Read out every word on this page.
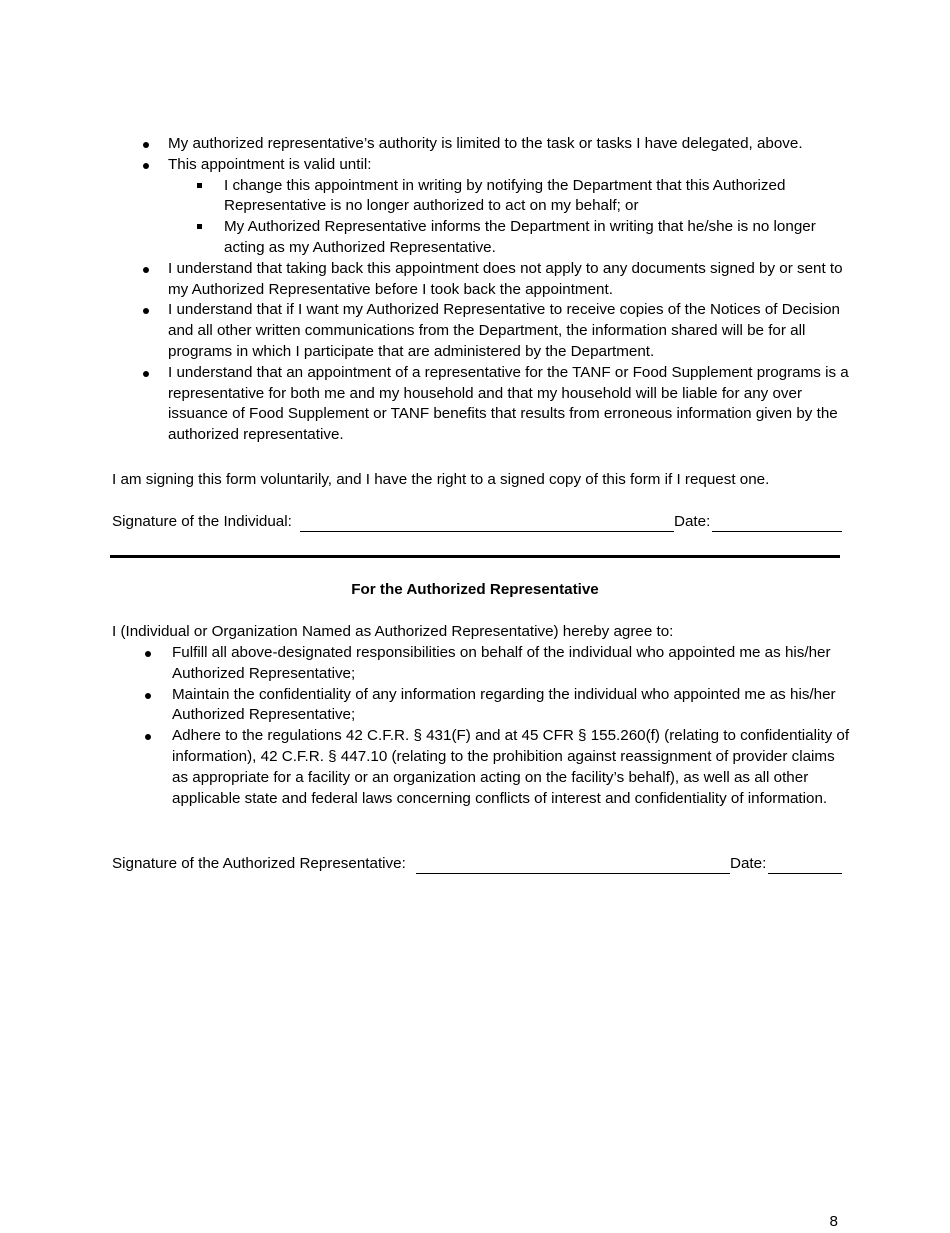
My authorized representative’s authority is limited to the task or tasks I have delegated, above.
This appointment is valid until:
I change this appointment in writing by notifying the Department that this Authorized Representative is no longer authorized to act on my behalf; or
My Authorized Representative informs the Department in writing that he/she is no longer acting as my Authorized Representative.
I understand that taking back this appointment does not apply to any documents signed by or sent to my Authorized Representative before I took back the appointment.
I understand that if I want my Authorized Representative to receive copies of the Notices of Decision and all other written communications from the Department, the information shared will be for all programs in which I participate that are administered by the Department.
I understand that an appointment of a representative for the TANF or Food Supplement programs is a representative for both me and my household and that my household will be liable for any over issuance of Food Supplement or TANF benefits that results from erroneous information given by the authorized representative.
I am signing this form voluntarily, and I have the right to a signed copy of this form if I request one.
Signature of the Individual:	Date:
For the Authorized Representative
I (Individual or Organization Named as Authorized Representative) hereby agree to:
Fulfill all above-designated responsibilities on behalf of the individual who appointed me as his/her Authorized Representative;
Maintain the confidentiality of any information regarding the individual who appointed me as his/her Authorized Representative;
Adhere to the regulations 42 C.F.R. § 431(F) and at 45 CFR § 155.260(f) (relating to confidentiality of information), 42 C.F.R. § 447.10 (relating to the prohibition against reassignment of provider claims as appropriate for a facility or an organization acting on the facility’s behalf), as well as all other applicable state and federal laws concerning conflicts of interest and confidentiality of information.
Signature of the Authorized Representative:	Date:
8
